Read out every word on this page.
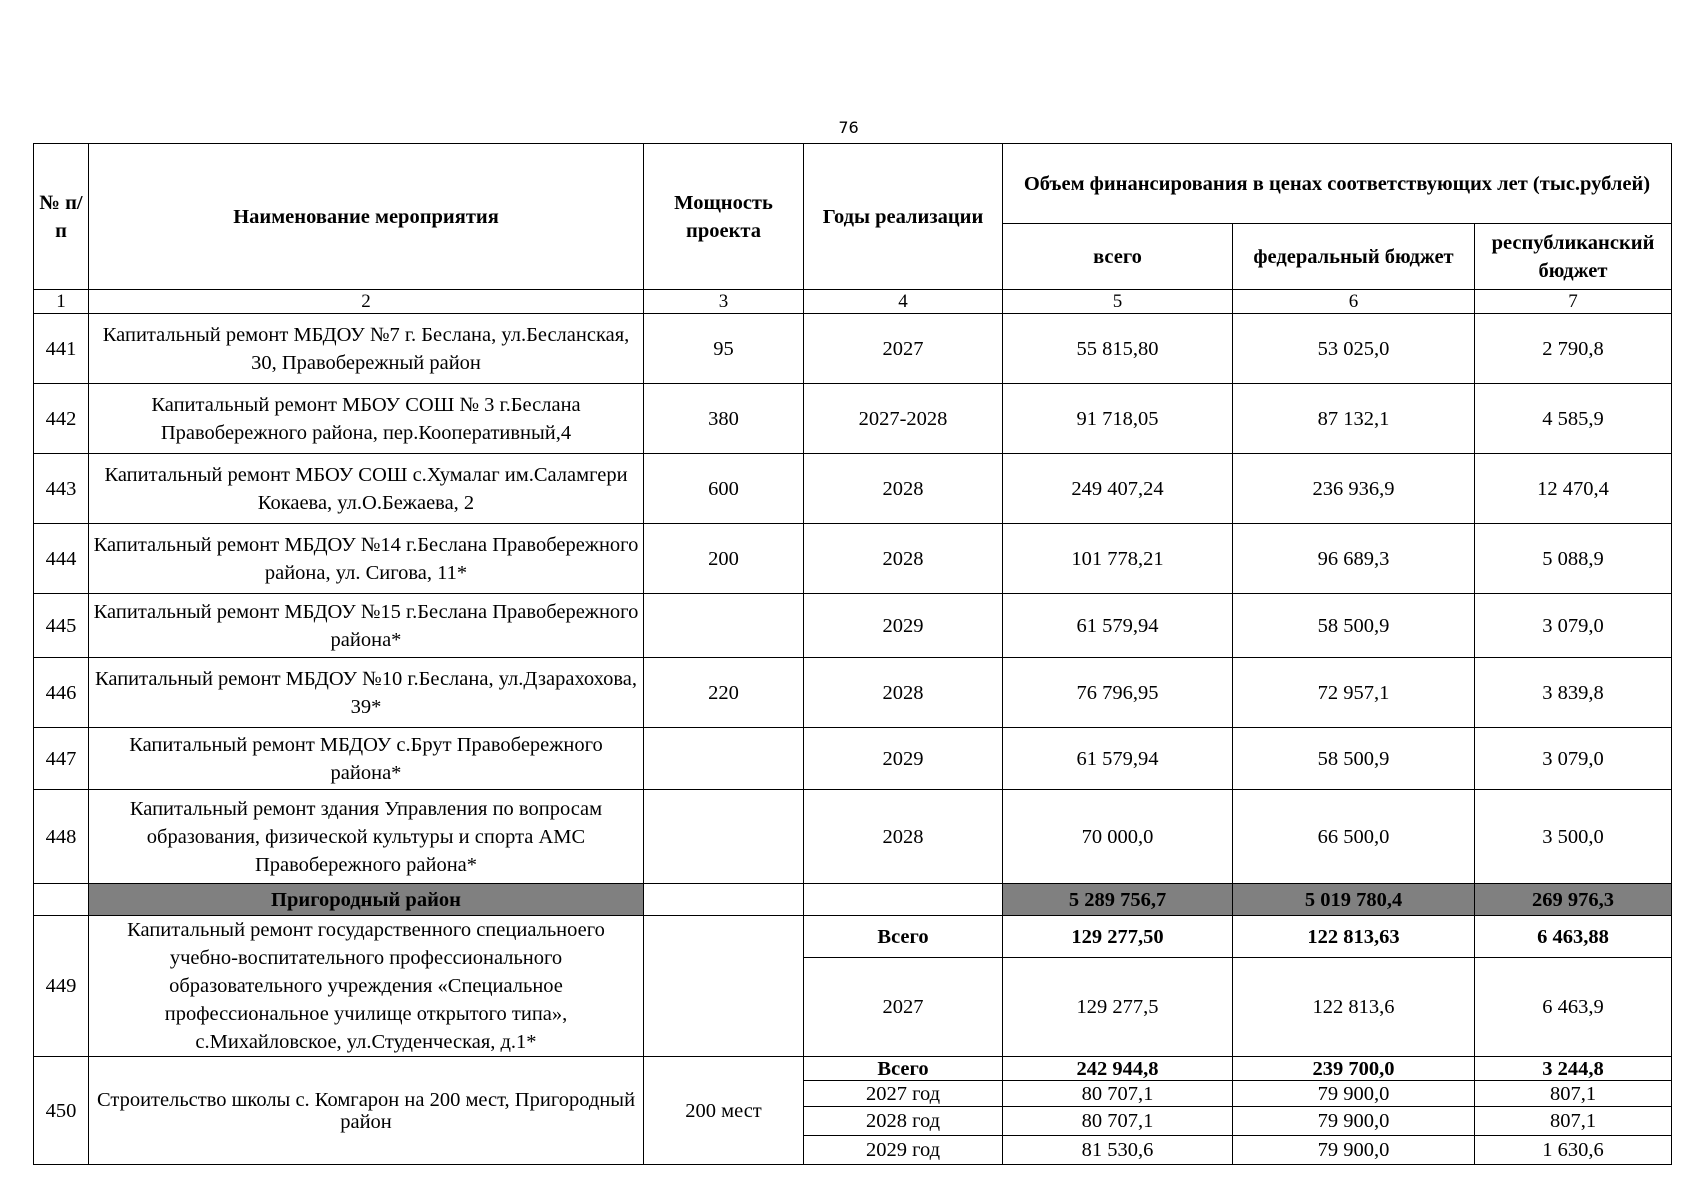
76
№ п/п	Наименование мероприятия	Мощность проекта	Годы реализации	Объем финансирования в ценах соответствующих лет (тыс.рублей)		
				всего	федеральный бюджет	республиканский бюджет
1	2	3	4	5	6	7
441	Капитальный ремонт МБДОУ №7 г. Беслана, ул.Бесланская, 30, Правобережный район	95	2027	55 815,80	53 025,0	2 790,8
442	Капитальный ремонт МБОУ СОШ № 3 г.Беслана Правобережного района, пер.Кооперативный,4	380	2027-2028	91 718,05	87 132,1	4 585,9
443	Капитальный ремонт МБОУ СОШ с.Хумалаг им.Саламгери Кокаева, ул.О.Бежаева, 2	600	2028	249 407,24	236 936,9	12 470,4
444	Капитальный ремонт МБДОУ №14 г.Беслана Правобережного района, ул. Сигова, 11*	200	2028	101 778,21	96 689,3	5 088,9
445	Капитальный ремонт МБДОУ №15 г.Беслана Правобережного района*		2029	61 579,94	58 500,9	3 079,0
446	Капитальный ремонт МБДОУ №10 г.Беслана, ул.Дзарахохова, 39*	220	2028	76 796,95	72 957,1	3 839,8
447	Капитальный ремонт МБДОУ с.Брут Правобережного района*		2029	61 579,94	58 500,9	3 079,0
448	Капитальный ремонт здания Управления по вопросам образования, физической культуры и спорта АМС Правобережного района*		2028	70 000,0	66 500,0	3 500,0
	Пригородный район			5 289 756,7	5 019 780,4	269 976,3
449	Капитальный ремонт государственного специальноего учебно-воспитательного профессионального образовательного учреждения «Специальное профессиональное училище открытого типа», с.Михайловское, ул.Студенческая, д.1*		Всего	129 277,50	122 813,63	6 463,88
			2027	129 277,5	122 813,6	6 463,9
450	Строительство школы с. Комгарон на 200 мест, Пригородный район	200 мест	Всего	242 944,8	239 700,0	3 244,8
			2027 год	80 707,1	79 900,0	807,1
			2028 год	80 707,1	79 900,0	807,1
			2029 год	81 530,6	79 900,0	1 630,6
